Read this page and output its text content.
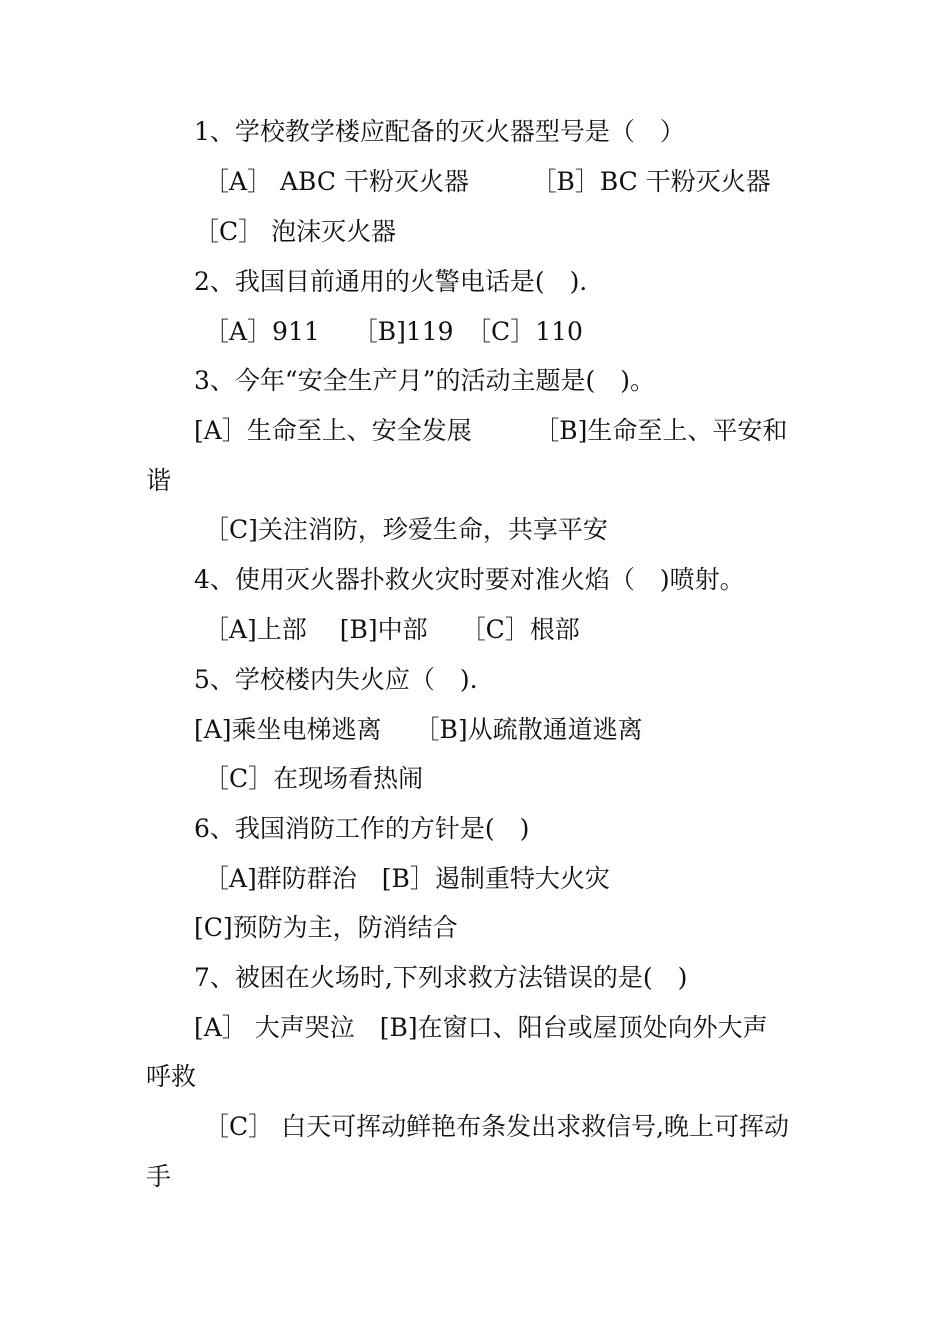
1、学校教学楼应配备的灭火器型号是（　）
［A］ ABC 干粉灭火器　　　［B］BC 干粉灭火器
［C］ 泡沫灭火器
2、我国目前通用的火警电话是(　)．
［A］911　 ［B]119　［C］110
3、今年“安全生产月”的活动主题是(　)。
[A］生命至上、安全发展　　　［B]生命至上、平安和
谐
［C]关注消防，珍爱生命，共享平安
4、使用灭火器扑救火灾时要对准火焰（　)喷射。
［A]上部　 [B]中部　 ［C］根部
5、学校楼内失火应（　).
[A]乘坐电梯逃离　 ［B]从疏散通道逃离
［C］在现场看热闹
6、我国消防工作的方针是(　)
［A]群防群治　[B］遏制重特大火灾
[C]预防为主，防消结合
7、被困在火场时,下列求救方法错误的是(　)
[A］ 大声哭泣　[B]在窗口、阳台或屋顶处向外大声
呼救
［C］ 白天可挥动鲜艳布条发出求救信号,晚上可挥动
手
